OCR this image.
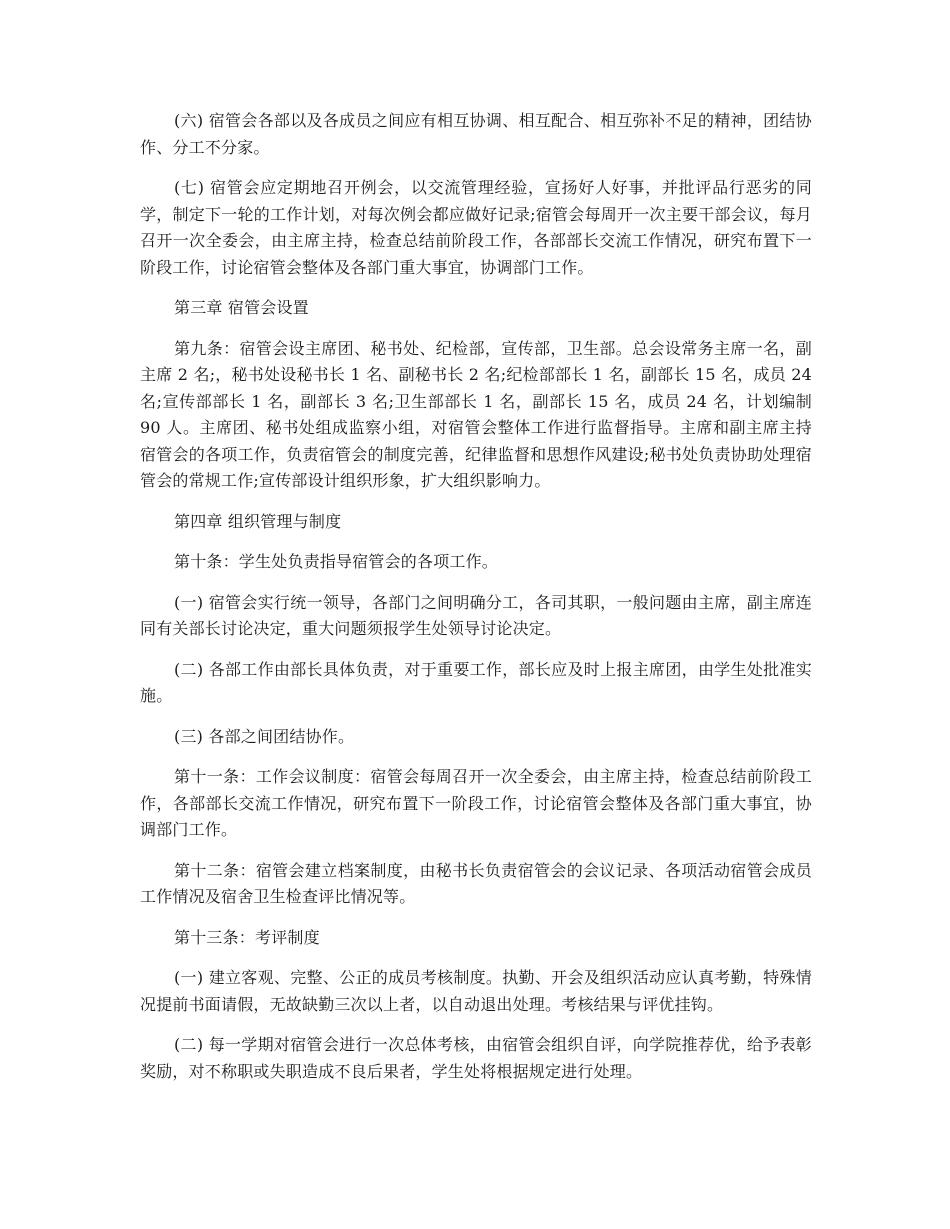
(六) 宿管会各部以及各成员之间应有相互协调、相互配合、相互弥补不足的精神，团结协作、分工不分家。

(七) 宿管会应定期地召开例会，以交流管理经验，宣扬好人好事，并批评品行恶劣的同学，制定下一轮的工作计划，对每次例会都应做好记录;宿管会每周开一次主要干部会议，每月召开一次全委会，由主席主持，检查总结前阶段工作，各部部长交流工作情况，研究布置下一阶段工作，讨论宿管会整体及各部门重大事宜，协调部门工作。

第三章 宿管会设置

第九条：宿管会设主席团、秘书处、纪检部，宣传部，卫生部。总会设常务主席一名，副主席 2 名;，秘书处设秘书长 1 名、副秘书长 2 名;纪检部部长 1 名，副部长 15 名，成员 24 名;宣传部部长 1 名，副部长 3 名;卫生部部长 1 名，副部长 15 名，成员 24 名，计划编制 90 人。主席团、秘书处组成监察小组，对宿管会整体工作进行监督指导。主席和副主席主持宿管会的各项工作，负责宿管会的制度完善，纪律监督和思想作风建设;秘书处负责协助处理宿管会的常规工作;宣传部设计组织形象，扩大组织影响力。

第四章 组织管理与制度

第十条：学生处负责指导宿管会的各项工作。

(一) 宿管会实行统一领导，各部门之间明确分工，各司其职，一般问题由主席，副主席连同有关部长讨论决定，重大问题须报学生处领导讨论决定。

(二) 各部工作由部长具体负责，对于重要工作，部长应及时上报主席团，由学生处批准实施。

(三) 各部之间团结协作。

第十一条：工作会议制度：宿管会每周召开一次全委会，由主席主持，检查总结前阶段工作，各部部长交流工作情况，研究布置下一阶段工作，讨论宿管会整体及各部门重大事宜，协调部门工作。

第十二条：宿管会建立档案制度，由秘书长负责宿管会的会议记录、各项活动宿管会成员工作情况及宿舍卫生检查评比情况等。

第十三条：考评制度

(一) 建立客观、完整、公正的成员考核制度。执勤、开会及组织活动应认真考勤，特殊情况提前书面请假，无故缺勤三次以上者，以自动退出处理。考核结果与评优挂钩。

(二) 每一学期对宿管会进行一次总体考核，由宿管会组织自评，向学院推荐优，给予表彰奖励，对不称职或失职造成不良后果者，学生处将根据规定进行处理。
